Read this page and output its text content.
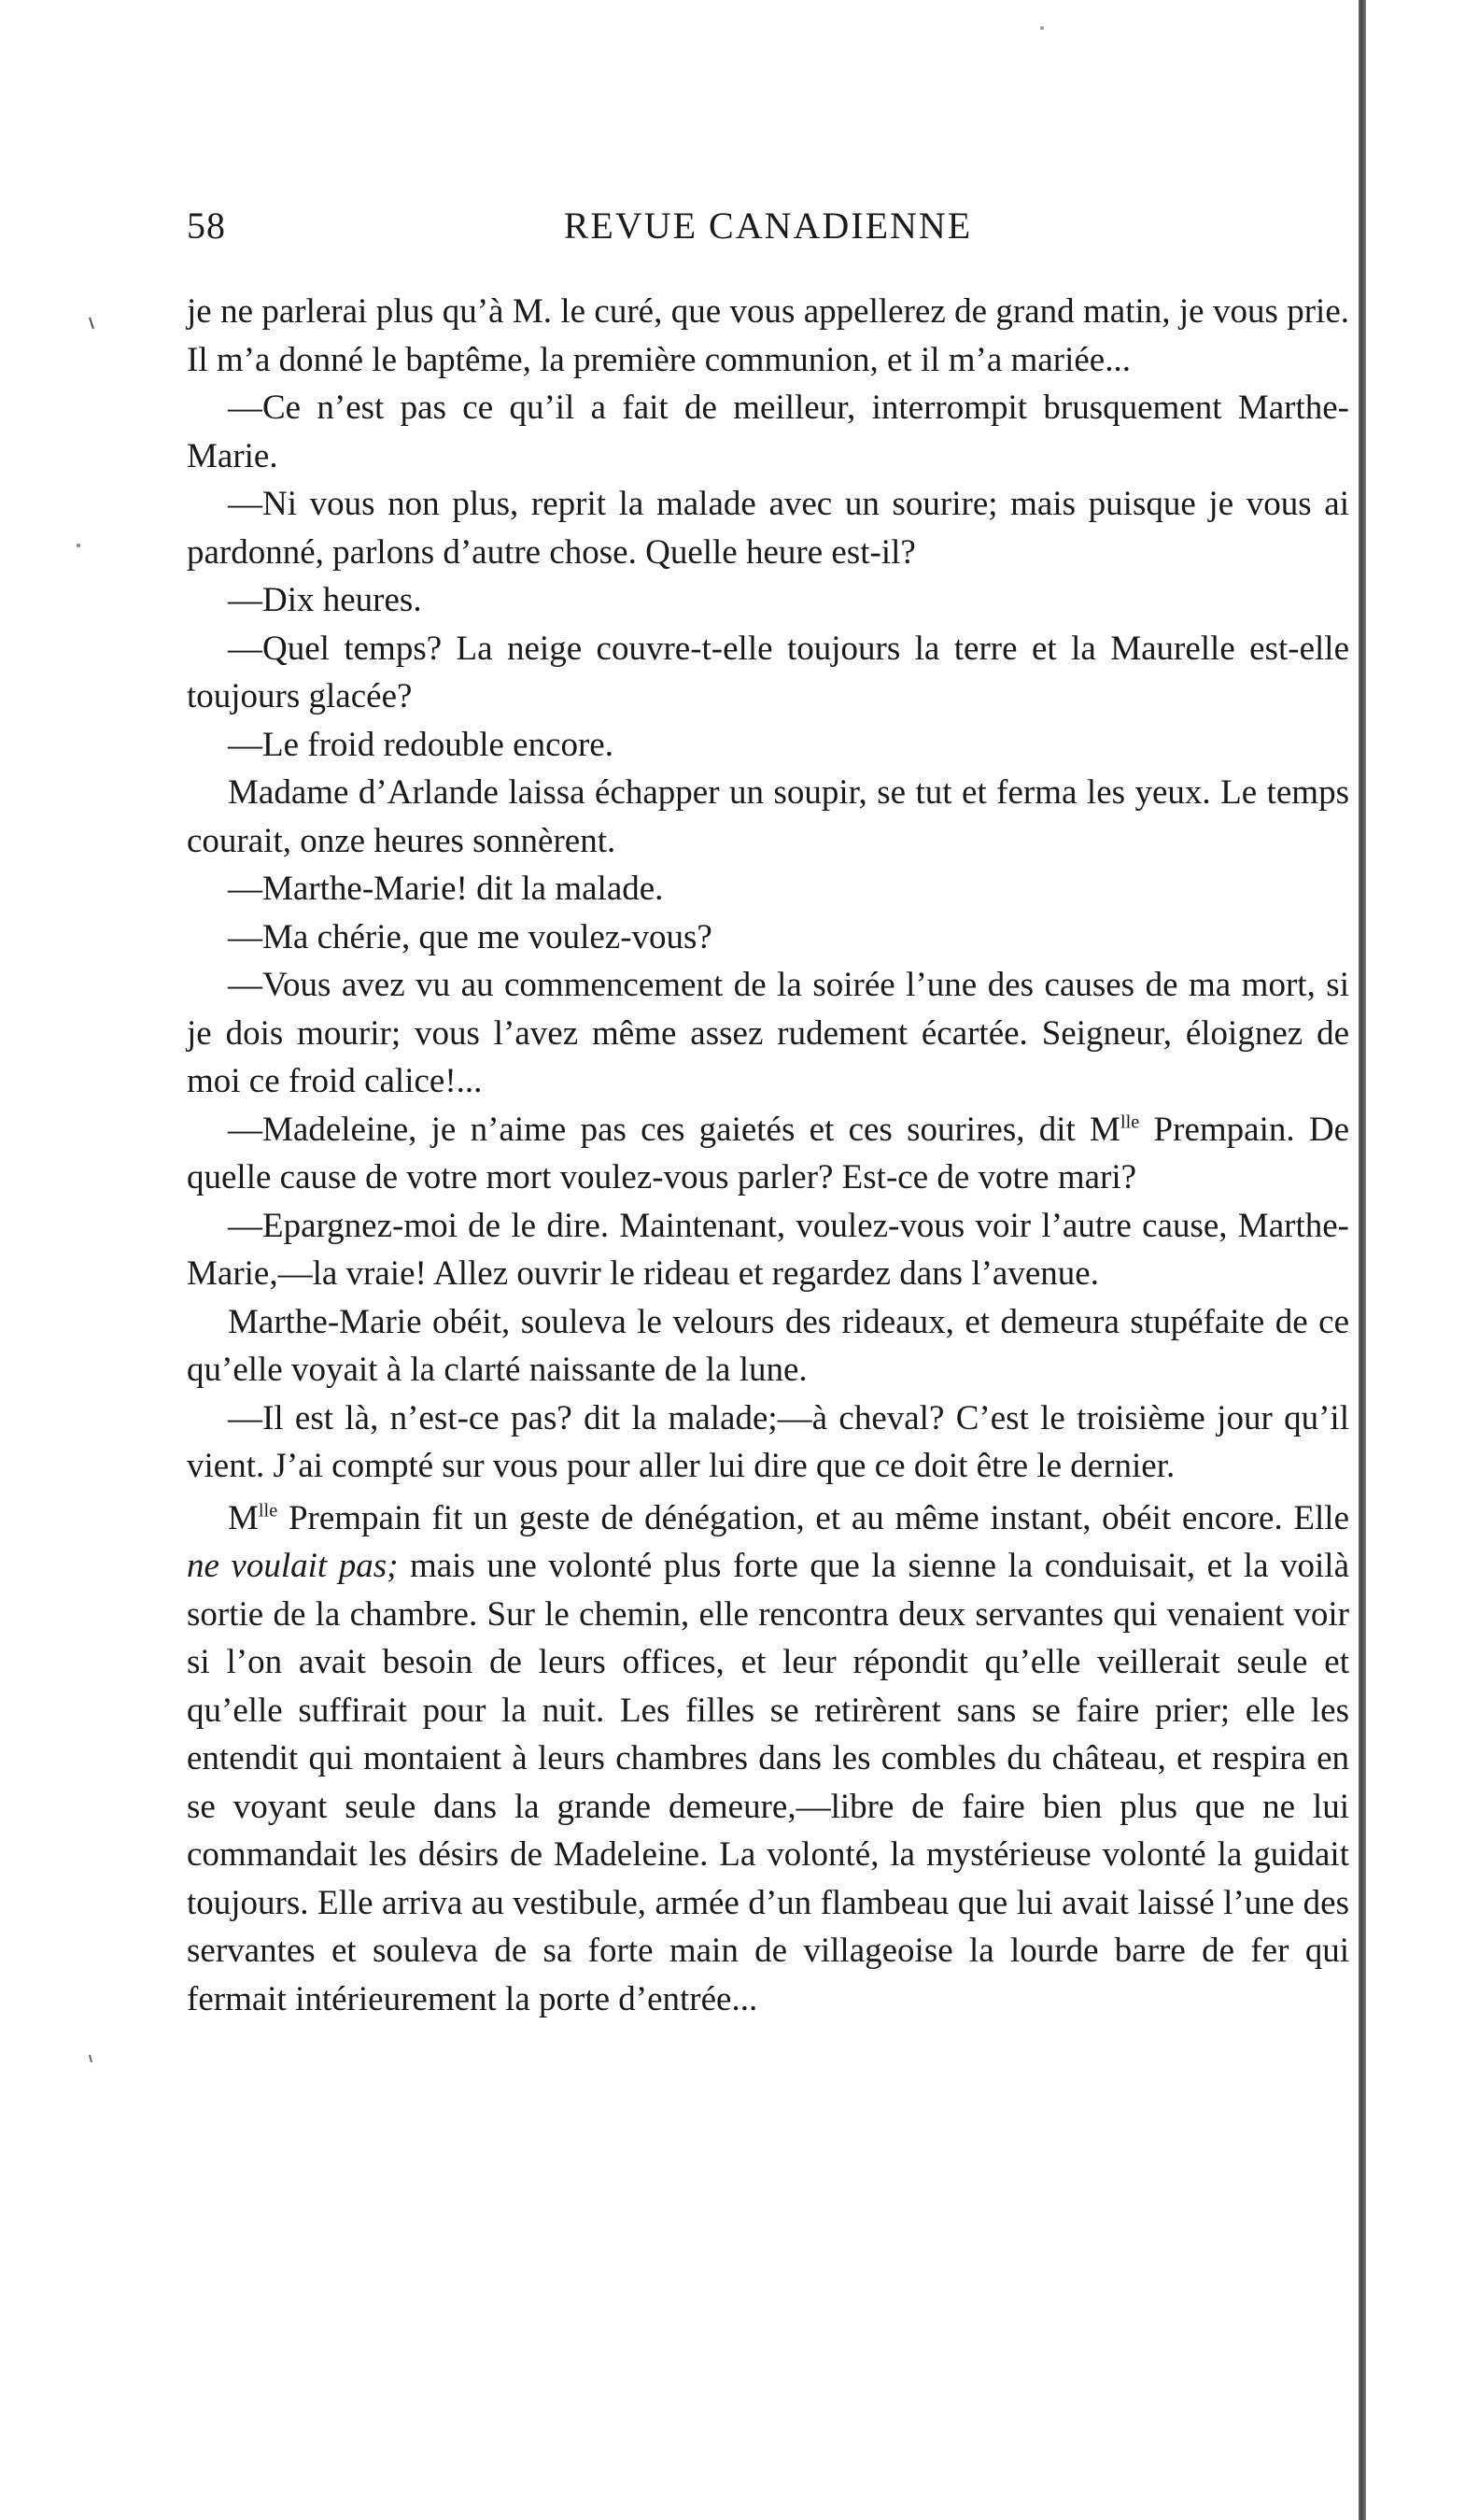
58	REVUE CANADIENNE

je ne parlerai plus qu’à M. le curé, que vous appellerez de grand matin, je vous prie. Il m’a donné le baptême, la première communion, et il m’a mariée...

—Ce n’est pas ce qu’il a fait de meilleur, interrompit brusquement Marthe-Marie.

—Ni vous non plus, reprit la malade avec un sourire; mais puisque je vous ai pardonné, parlons d’autre chose. Quelle heure est-il?

—Dix heures.

—Quel temps? La neige couvre-t-elle toujours la terre et la Maurelle est-elle toujours glacée?

—Le froid redouble encore.

Madame d’Arlande laissa échapper un soupir, se tut et ferma les yeux. Le temps courait, onze heures sonnèrent.

—Marthe-Marie! dit la malade.

—Ma chérie, que me voulez-vous?

—Vous avez vu au commencement de la soirée l’une des causes de ma mort, si je dois mourir; vous l’avez même assez rudement écartée. Seigneur, éloignez de moi ce froid calice!...

—Madeleine, je n’aime pas ces gaietés et ces sourires, dit $M^{lle}$ Prempain. De quelle cause de votre mort voulez-vous parler? Est-ce de votre mari?

—Epargnez-moi de le dire. Maintenant, voulez-vous voir l’autre cause, Marthe-Marie,—la vraie! Allez ouvrir le rideau et regardez dans l’avenue.

Marthe-Marie obéit, souleva le velours des rideaux, et demeura stupéfaite de ce qu’elle voyait à la clarté naissante de la lune.

—Il est là, n’est-ce pas? dit la malade;—à cheval? C’est le troisième jour qu’il vient. J’ai compté sur vous pour aller lui dire que ce doit être le dernier.

$M^{lle}$ Prempain fit un geste de dénégation, et au même instant, obéit encore. Elle ne voulait pas; mais une volonté plus forte que la sienne la conduisait, et la voilà sortie de la chambre. Sur le chemin, elle rencontra deux servantes qui venaient voir si l’on avait besoin de leurs offices, et leur répondit qu’elle veillerait seule et qu’elle suffirait pour la nuit. Les filles se retirèrent sans se faire prier; elle les entendit qui montaient à leurs chambres dans les combles du château, et respira en se voyant seule dans la grande demeure,—libre de faire bien plus que ne lui commandait les désirs de Madeleine. La volonté, la mystérieuse volonté la guidait toujours. Elle arriva au vestibule, armée d’un flambeau que lui avait laissé l’une des servantes et souleva de sa forte main de villageoise la lourde barre de fer qui fermait intérieurement la porte d’entrée...
